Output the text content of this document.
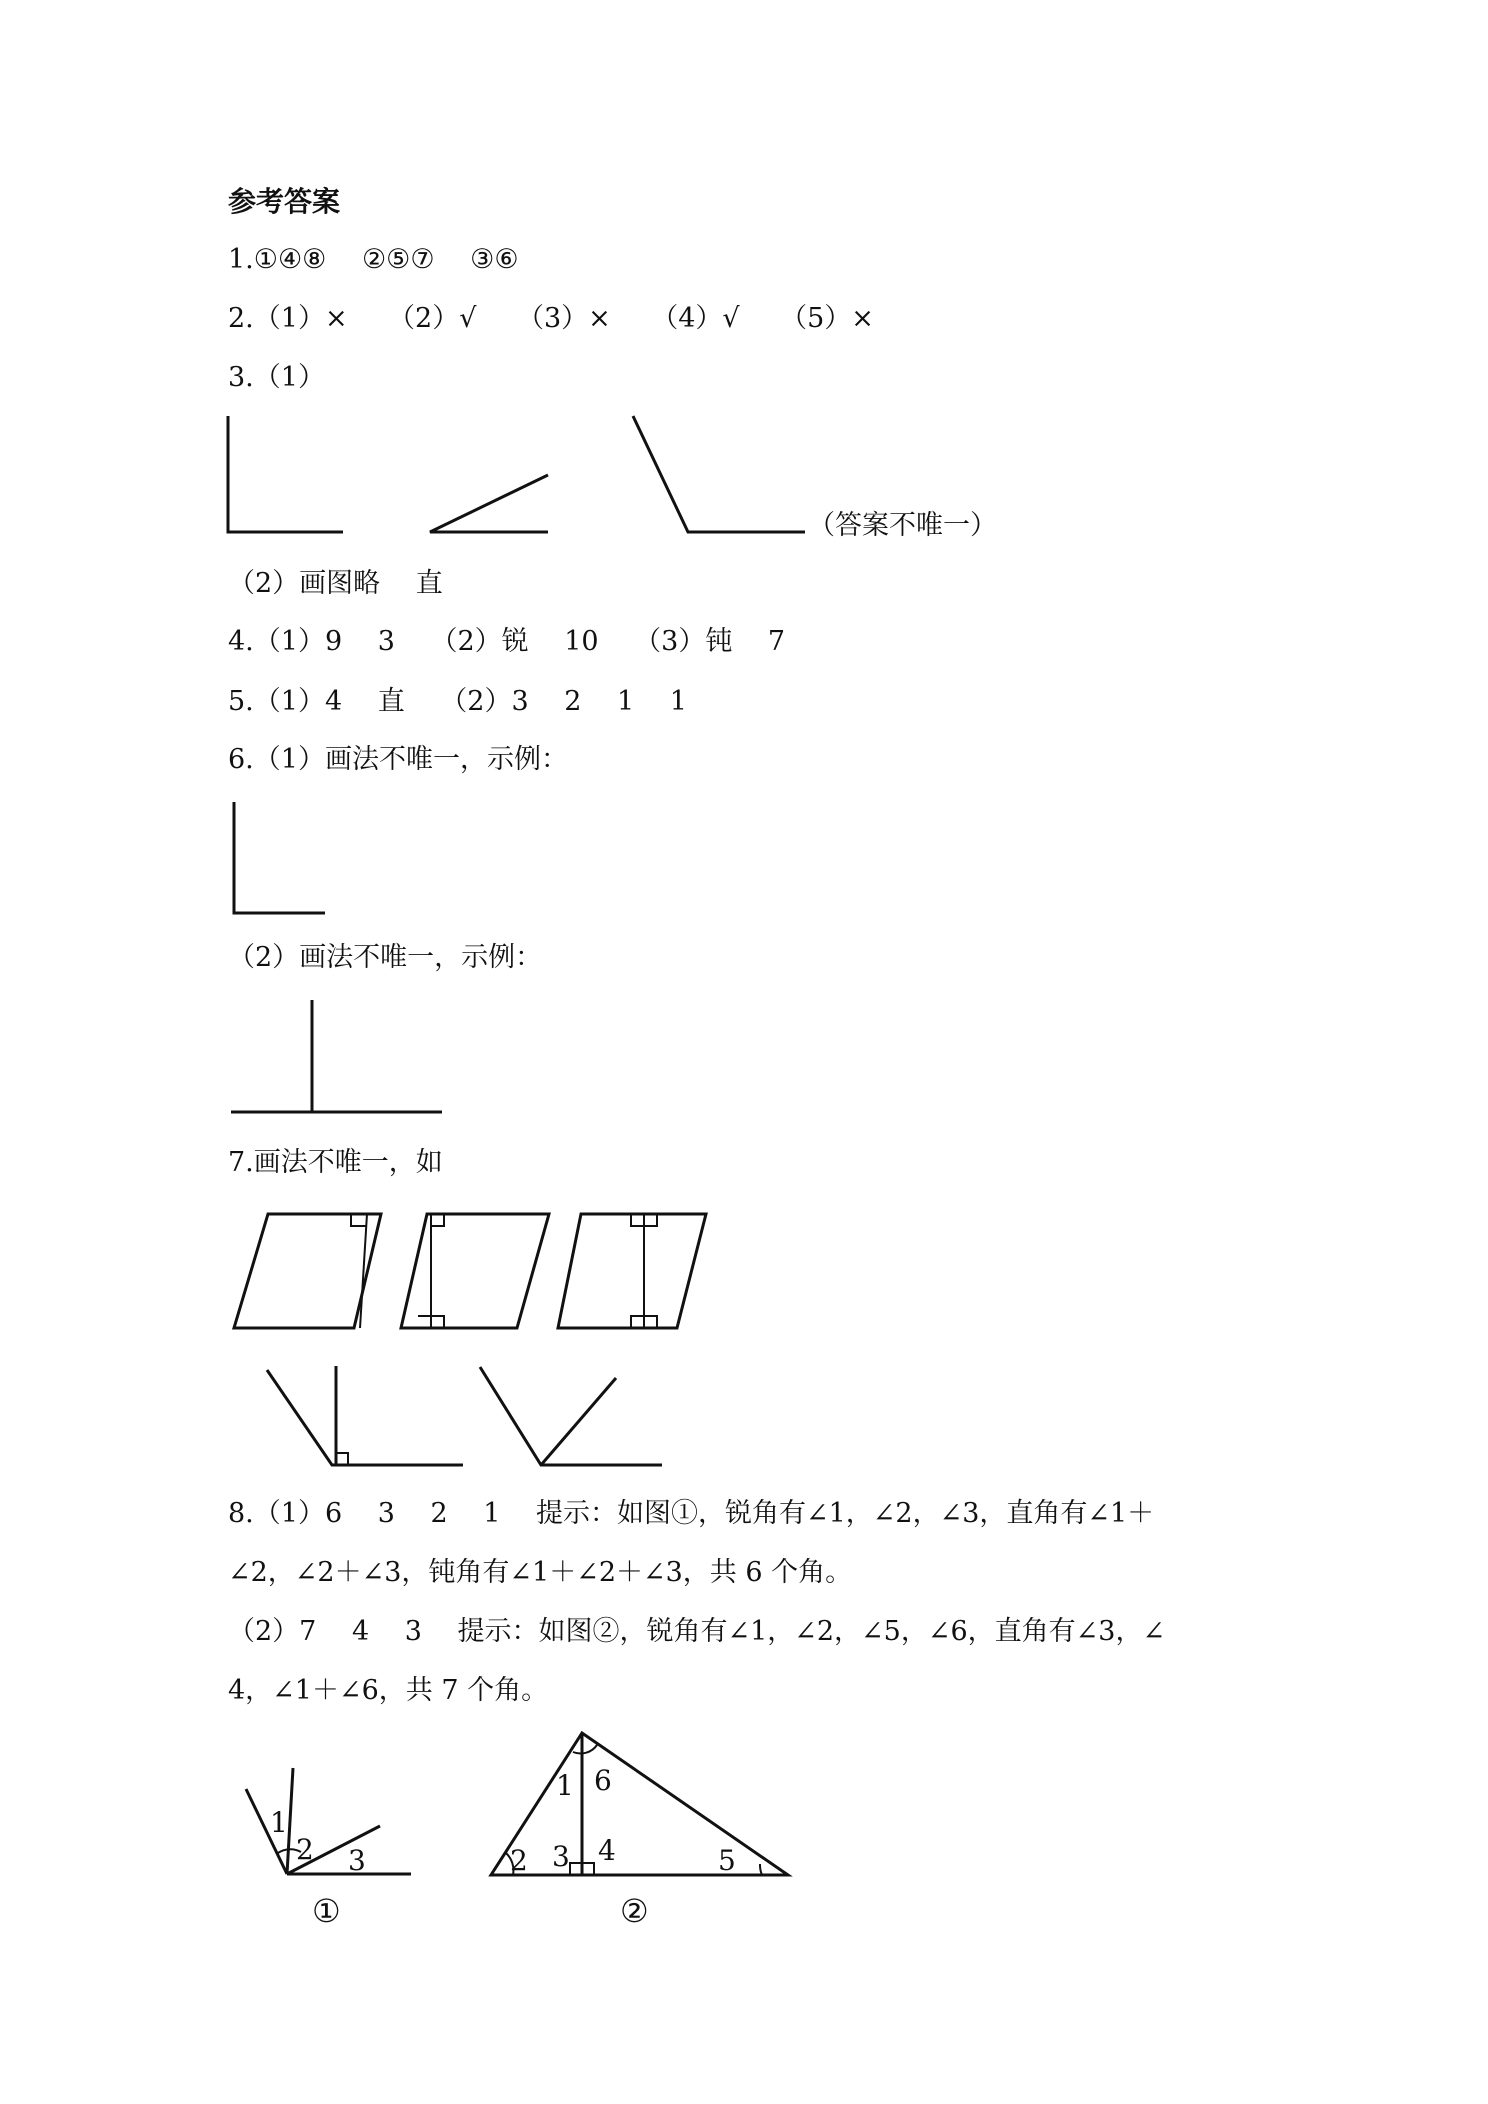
参考答案
1.①④⑧　 ②⑤⑦　 ③⑥
2.（1）×　　（2）√　　（3）×　　（4）√　　（5）×
3.（1）
（答案不唯一）
（2）画图略　 直
4.（1）9　 3　 （2）锐　 10　 （3）钝　 7
5.（1）4　 直　 （2）3　 2　 1　 1
6.（1）画法不唯一，示例：
（2）画法不唯一，示例：
7.画法不唯一，如
8.（1）6　 3　 2　 1　 提示：如图①，锐角有∠1，∠2，∠3，直角有∠1＋
∠2，∠2＋∠3，钝角有∠1＋∠2＋∠3，共 6 个角。
（2）7　 4　 3　 提示：如图②，锐角有∠1，∠2，∠5，∠6，直角有∠3，∠
4，∠1＋∠6，共 7 个角。
1
2 3
①
1 6
2 3 4	5
②
